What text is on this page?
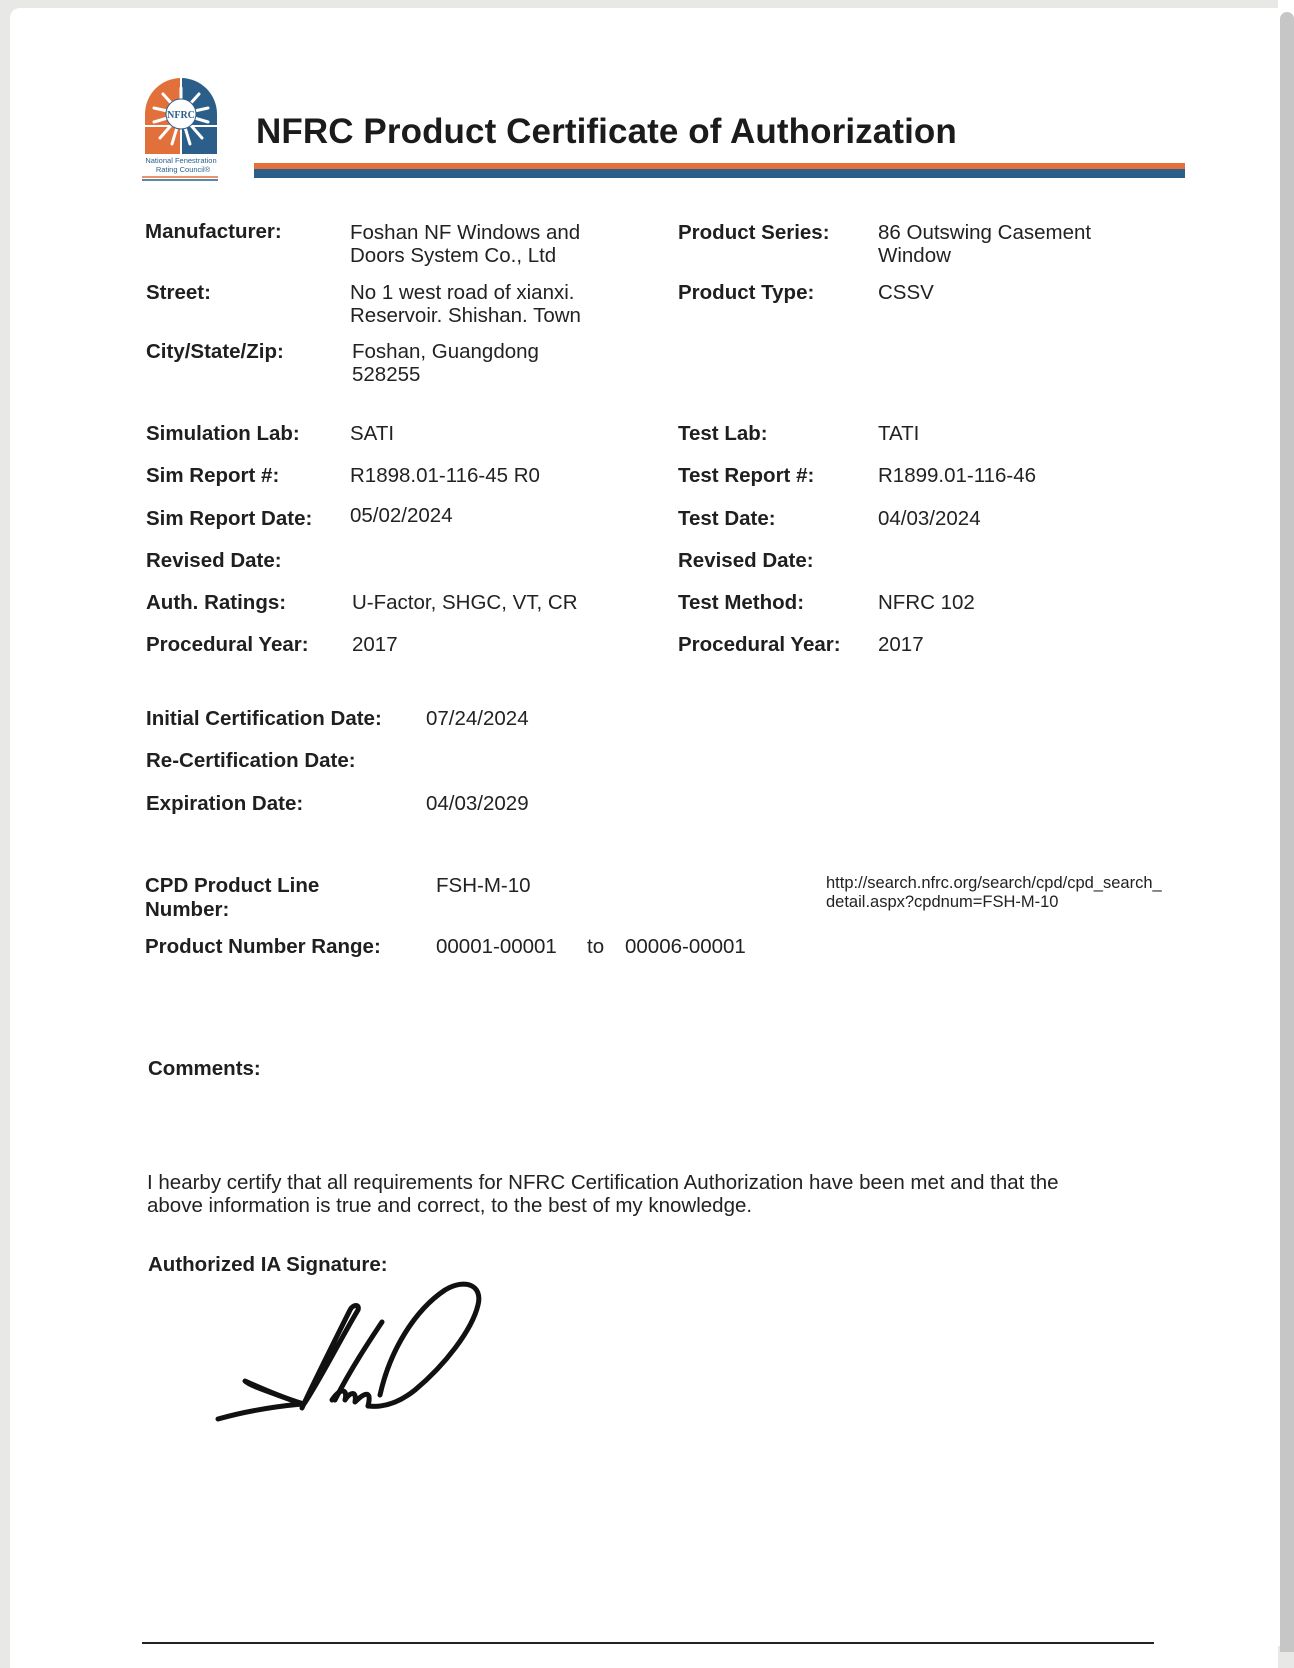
NFRC
National Fenestration
Rating Council®
NFRC Product Certificate of Authorization
Manufacturer:	Foshan NF Windows and
Doors System Co., Ltd
Street:	No 1 west road of xianxi.
Reservoir. Shishan. Town
City/State/Zip:	Foshan, Guangdong
528255
Simulation Lab: SATI
Sim Report #:	R1898.01-116-45 R0
Sim Report Date: 05/02/2024
Revised Date:
Auth. Ratings:	U-Factor, SHGC, VT, CR
Procedural Year: 2017
Product Series: 86 Outswing Casement
Window
Product Type:	CSSV
Test Lab:	TATI
Test Report #:	R1899.01-116-46
Test Date:	04/03/2024
Revised Date:
Test Method:	NFRC 102
Procedural Year: 2017
Initial Certification Date: 07/24/2024
Re-Certification Date:
Expiration Date:	04/03/2029
CPD Product Line
Number:
FSH-M-10	http://search.nfrc.org/search/cpd/cpd_search_
detail.aspx?cpdnum=FSH-M-10
Product Number Range:	00001-00001 to 00006-00001
Comments:
I hearby certify that all requirements for NFRC Certification Authorization have been met and that the
above information is true and correct, to the best of my knowledge.
Authorized IA Signature:
